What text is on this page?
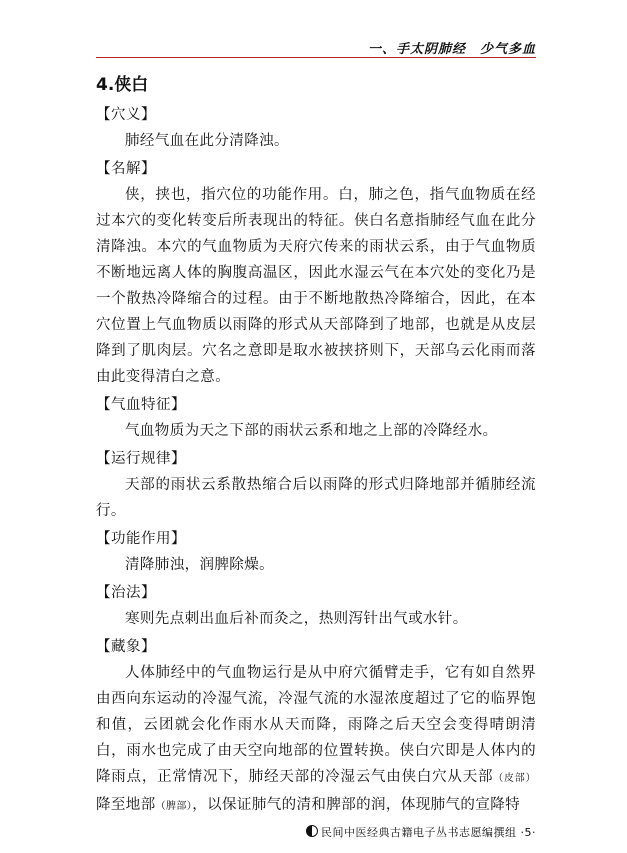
一、手太阴肺经　少气多血
4.侠白
【穴义】
肺经气血在此分清降浊。
【名解】
侠，挟也，指穴位的功能作用。白，肺之色，指气血物质在经过本穴的变化转变后所表现出的特征。侠白名意指肺经气血在此分清降浊。本穴的气血物质为天府穴传来的雨状云系，由于气血物质不断地远离人体的胸腹高温区，因此水湿云气在本穴处的变化乃是一个散热冷降缩合的过程。由于不断地散热冷降缩合，因此，在本穴位置上气血物质以雨降的形式从天部降到了地部，也就是从皮层降到了肌肉层。穴名之意即是取水被挟挤则下，天部乌云化雨而落由此变得清白之意。
【气血特征】
气血物质为天之下部的雨状云系和地之上部的冷降经水。
【运行规律】
天部的雨状云系散热缩合后以雨降的形式归降地部并循肺经流行。
【功能作用】
清降肺浊，润脾除燥。
【治法】
寒则先点刺出血后补而灸之，热则泻针出气或水针。
【藏象】
人体肺经中的气血物运行是从中府穴循臂走手，它有如自然界由西向东运动的冷湿气流，冷湿气流的水湿浓度超过了它的临界饱和值，云团就会化作雨水从天而降，雨降之后天空会变得晴朗清白，雨水也完成了由天空向地部的位置转换。侠白穴即是人体内的降雨点，正常情况下，肺经天部的冷湿云气由侠白穴从天部（皮部）降至地部（脾部），以保证肺气的清和脾部的润，体现肺气的宣降特
民间中医经典古籍电子丛书志愿编撰组 ·5·
